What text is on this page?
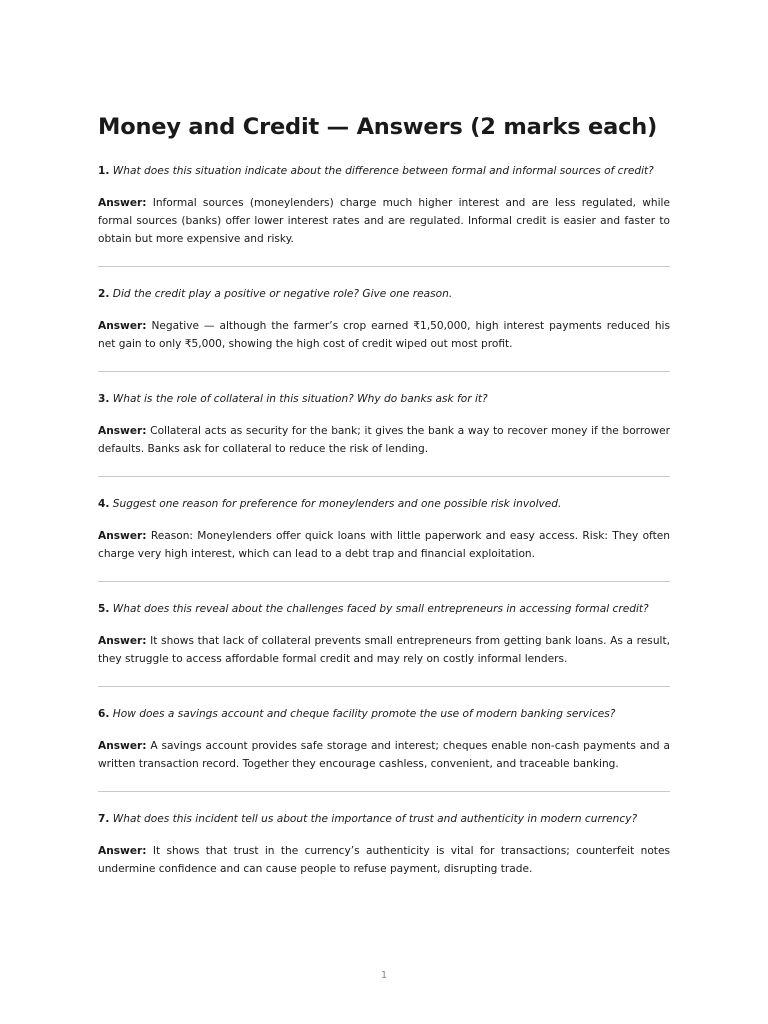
Money and Credit — Answers (2 marks each)

1. What does this situation indicate about the difference between formal and informal sources of credit?

Answer: Informal sources (moneylenders) charge much higher interest and are less regulated, while formal sources (banks) offer lower interest rates and are regulated. Informal credit is easier and faster to obtain but more expensive and risky.

2. Did the credit play a positive or negative role? Give one reason.

Answer: Negative — although the farmer’s crop earned ₹1,50,000, high interest payments reduced his net gain to only ₹5,000, showing the high cost of credit wiped out most profit.

3. What is the role of collateral in this situation? Why do banks ask for it?

Answer: Collateral acts as security for the bank; it gives the bank a way to recover money if the borrower defaults. Banks ask for collateral to reduce the risk of lending.

4. Suggest one reason for preference for moneylenders and one possible risk involved.

Answer: Reason: Moneylenders offer quick loans with little paperwork and easy access. Risk: They often charge very high interest, which can lead to a debt trap and financial exploitation.

5. What does this reveal about the challenges faced by small entrepreneurs in accessing formal credit?

Answer: It shows that lack of collateral prevents small entrepreneurs from getting bank loans. As a result, they struggle to access affordable formal credit and may rely on costly informal lenders.

6. How does a savings account and cheque facility promote the use of modern banking services?

Answer: A savings account provides safe storage and interest; cheques enable non-cash payments and a written transaction record. Together they encourage cashless, convenient, and traceable banking.

7. What does this incident tell us about the importance of trust and authenticity in modern currency?

Answer: It shows that trust in the currency’s authenticity is vital for transactions; counterfeit notes undermine confidence and can cause people to refuse payment, disrupting trade.

1
